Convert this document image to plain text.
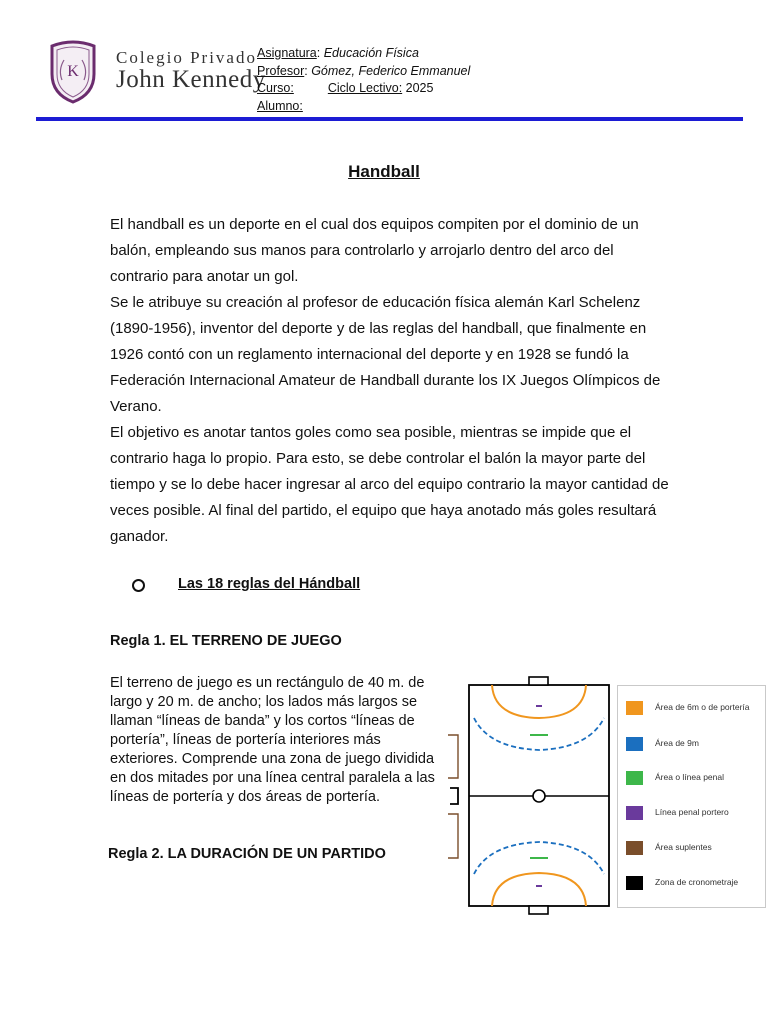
K
Colegio Privado
John Kennedy
Asignatura: Educación Física
Profesor: Gómez, Federico Emmanuel
Curso:	Ciclo Lectivo: 2025
Alumno:
Handball

El handball es un deporte en el cual dos equipos compiten por el dominio de un balón, empleando sus manos para controlarlo y arrojarlo dentro del arco del contrario para anotar un gol.

Se le atribuye su creación al profesor de educación física alemán Karl Schelenz (1890-1956), inventor del deporte y de las reglas del handball, que finalmente en 1926 contó con un reglamento internacional del deporte y en 1928 se fundó la Federación Internacional Amateur de Handball durante los IX Juegos Olímpicos de Verano.

El objetivo es anotar tantos goles como sea posible, mientras se impide que el contrario haga lo propio. Para esto, se debe controlar el balón la mayor parte del tiempo y se lo debe hacer ingresar al arco del equipo contrario la mayor cantidad de veces posible. Al final del partido, el equipo que haya anotado más goles resultará ganador.

Las 18 reglas del Hándball
Regla 1. EL TERRENO DE JUEGO
El terreno de juego es un rectángulo de 40 m. de largo y 20 m. de ancho; los lados más largos se llaman “líneas de banda” y los cortos “líneas de portería”, líneas de portería interiores más exteriores. Comprende una zona de juego dividida en dos mitades por una línea central paralela a las líneas de portería y dos áreas de portería.
Regla 2. LA DURACIÓN DE UN PARTIDO
Área de 6m o de portería
Área de 9m
Área o línea penal
Línea penal portero
Área suplentes
Zona de cronometraje
